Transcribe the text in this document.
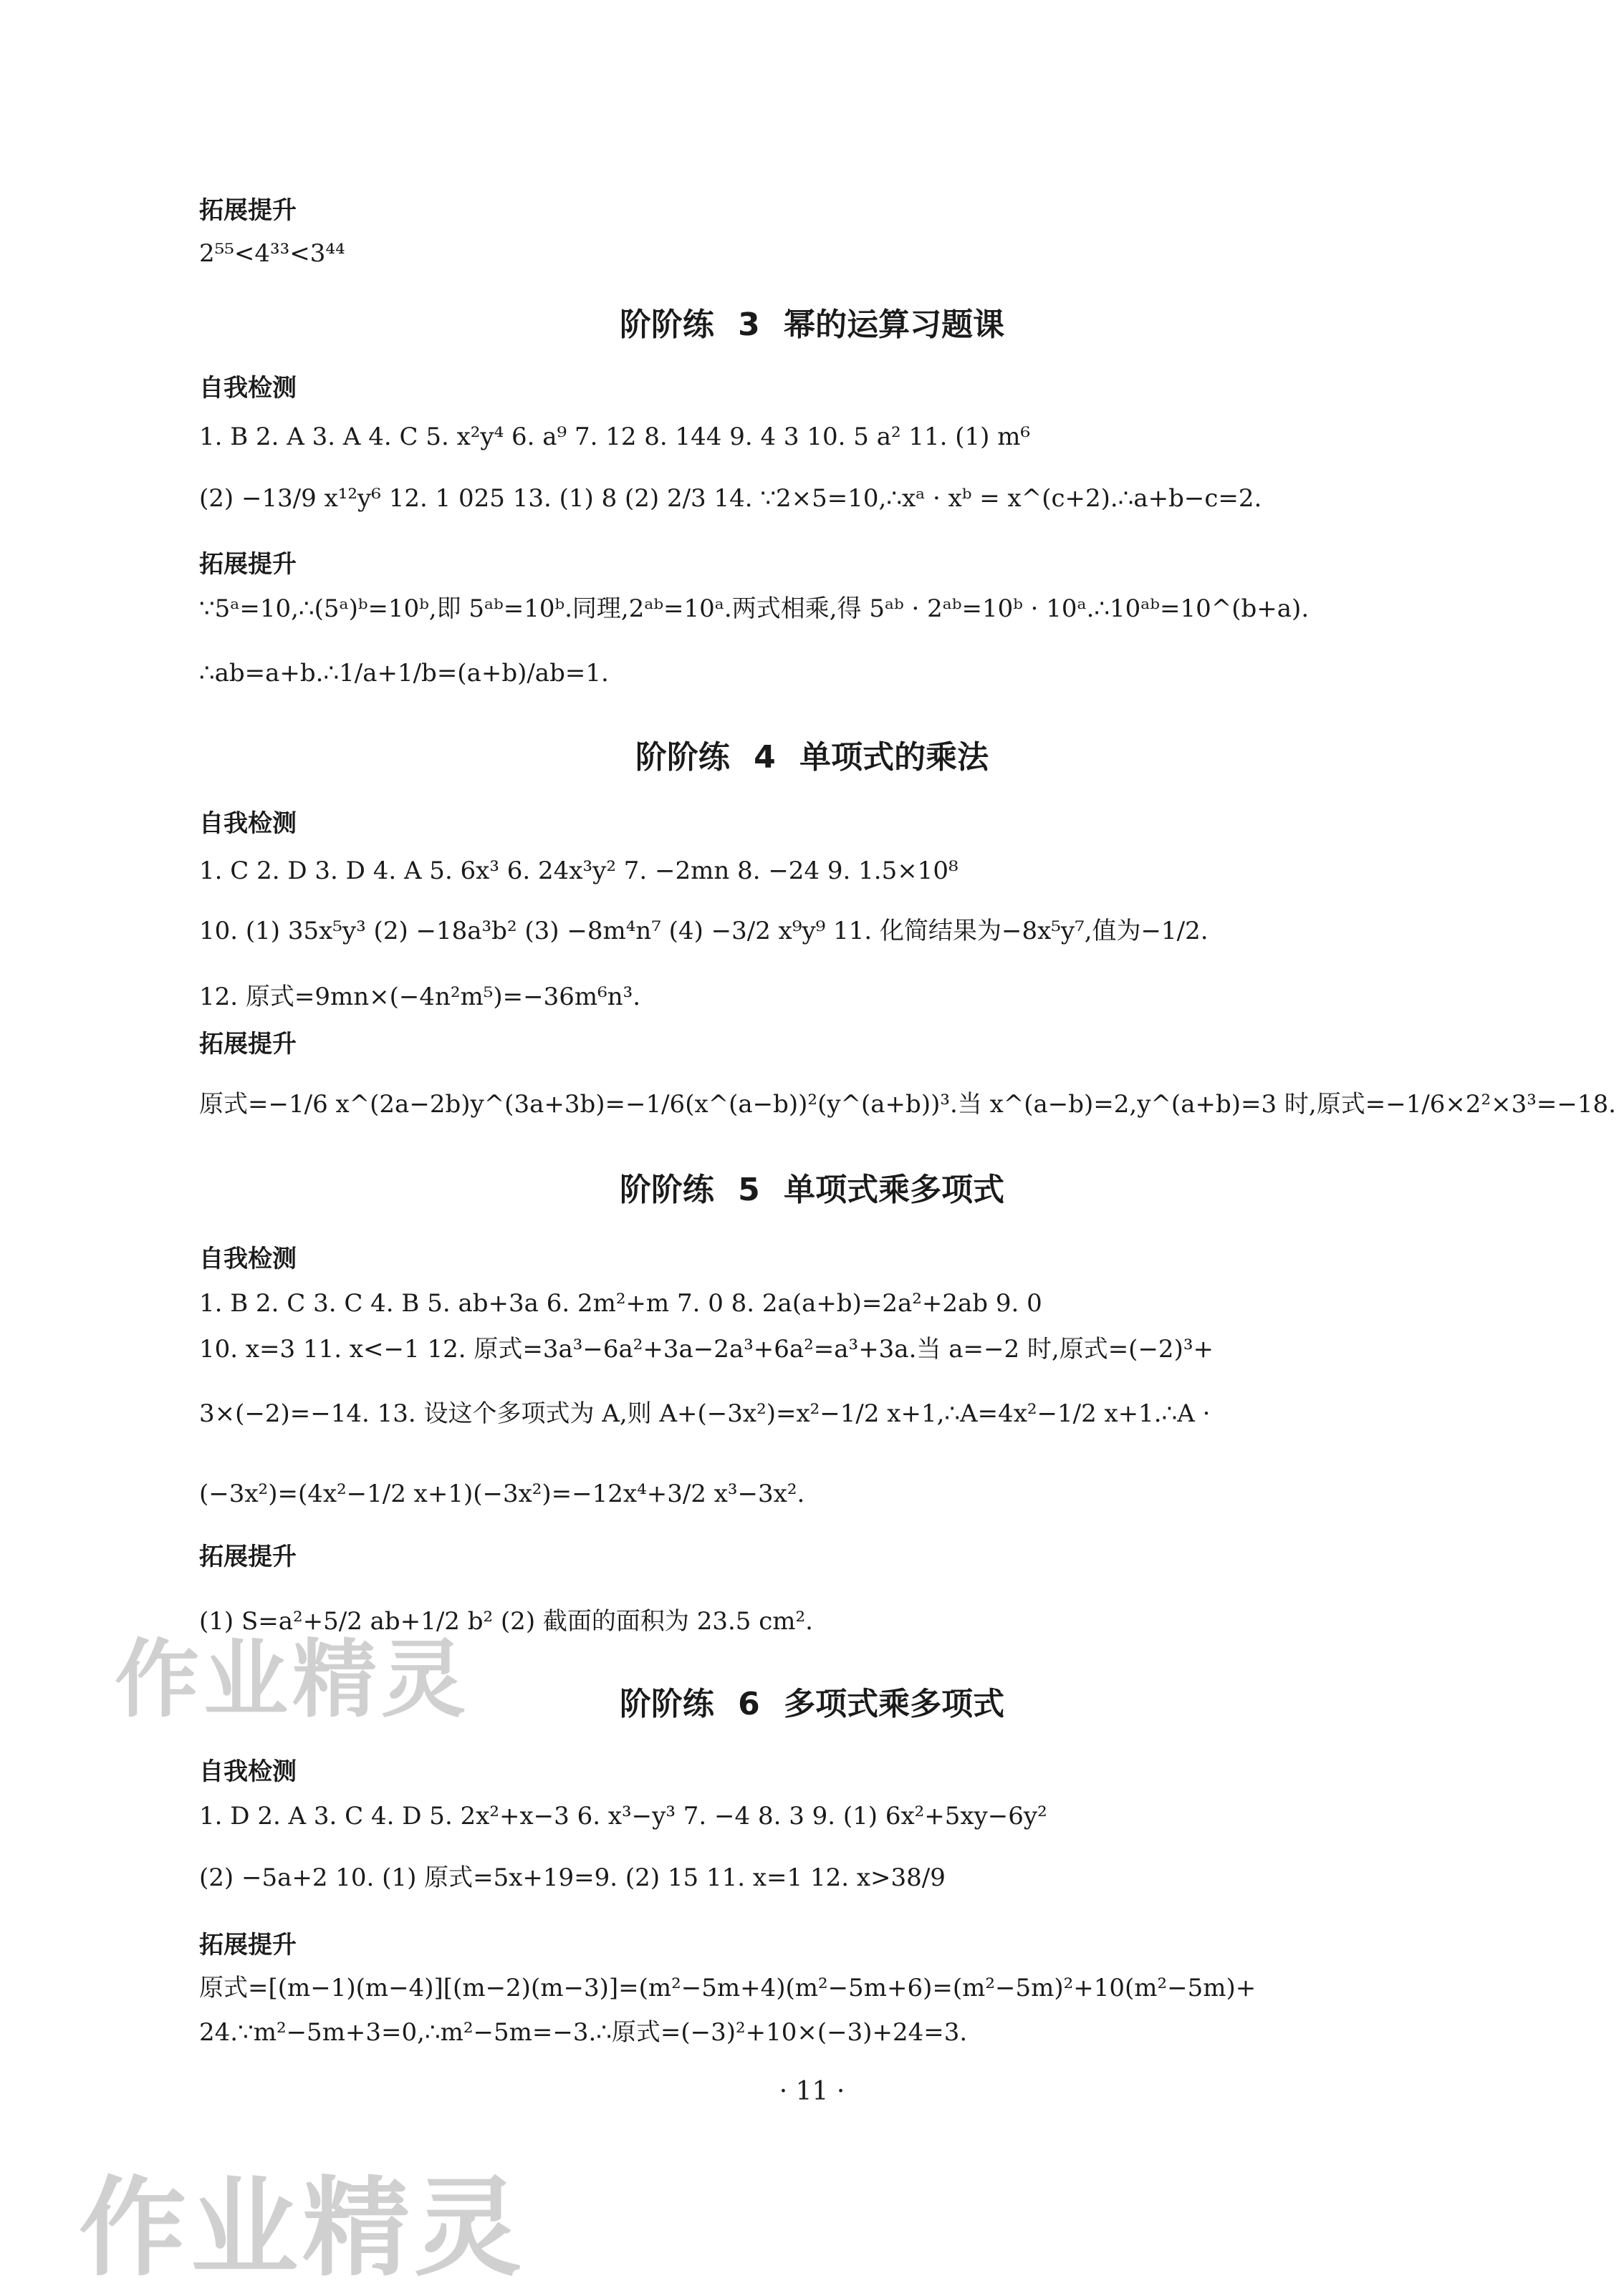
拓展提升
2⁵⁵<4³³<3⁴⁴
阶阶练 3 幂的运算习题课
自我检测
1. B 2. A 3. A 4. C 5. x²y⁴ 6. a⁹ 7. 12 8. 144 9. 4 3 10. 5 a² 11. (1) m⁶
(2) −13/9 x¹²y⁶ 12. 1 025 13. (1) 8 (2) 2/3 14. ∵2×5=10,∴xᵃ · xᵇ = x^(c+2).∴a+b−c=2.
拓展提升
∵5ᵃ=10,∴(5ᵃ)ᵇ=10ᵇ,即 5ᵃᵇ=10ᵇ.同理,2ᵃᵇ=10ᵃ.两式相乘,得 5ᵃᵇ · 2ᵃᵇ=10ᵇ · 10ᵃ.∴10ᵃᵇ=10^(b+a).
∴ab=a+b.∴1/a+1/b=(a+b)/ab=1.
阶阶练 4 单项式的乘法
自我检测
1. C 2. D 3. D 4. A 5. 6x³ 6. 24x³y² 7. −2mn 8. −24 9. 1.5×10⁸
10. (1) 35x⁵y³ (2) −18a³b² (3) −8m⁴n⁷ (4) −3/2 x⁹y⁹ 11. 化简结果为−8x⁵y⁷,值为−1/2.
12. 原式=9mn×(−4n²m⁵)=−36m⁶n³.
拓展提升
原式=−1/6 x^(2a−2b)y^(3a+3b)=−1/6(x^(a−b))²(y^(a+b))³.当 x^(a−b)=2,y^(a+b)=3 时,原式=−1/6×2²×3³=−18.
阶阶练 5 单项式乘多项式
自我检测
1. B 2. C 3. C 4. B 5. ab+3a 6. 2m²+m 7. 0 8. 2a(a+b)=2a²+2ab 9. 0
10. x=3 11. x<−1 12. 原式=3a³−6a²+3a−2a³+6a²=a³+3a.当 a=−2 时,原式=(−2)³+
3×(−2)=−14. 13. 设这个多项式为 A,则 A+(−3x²)=x²−1/2 x+1,∴A=4x²−1/2 x+1.∴A ·
(−3x²)=(4x²−1/2 x+1)(−3x²)=−12x⁴+3/2 x³−3x².
拓展提升
(1) S=a²+5/2 ab+1/2 b² (2) 截面的面积为 23.5 cm².
阶阶练 6 多项式乘多项式
自我检测
1. D 2. A 3. C 4. D 5. 2x²+x−3 6. x³−y³ 7. −4 8. 3 9. (1) 6x²+5xy−6y²
(2) −5a+2 10. (1) 原式=5x+19=9. (2) 15 11. x=1 12. x>38/9
拓展提升
原式=[(m−1)(m−4)][(m−2)(m−3)]=(m²−5m+4)(m²−5m+6)=(m²−5m)²+10(m²−5m)+
24.∵m²−5m+3=0,∴m²−5m=−3.∴原式=(−3)²+10×(−3)+24=3.
· 11 ·
作业精灵
作业精灵
